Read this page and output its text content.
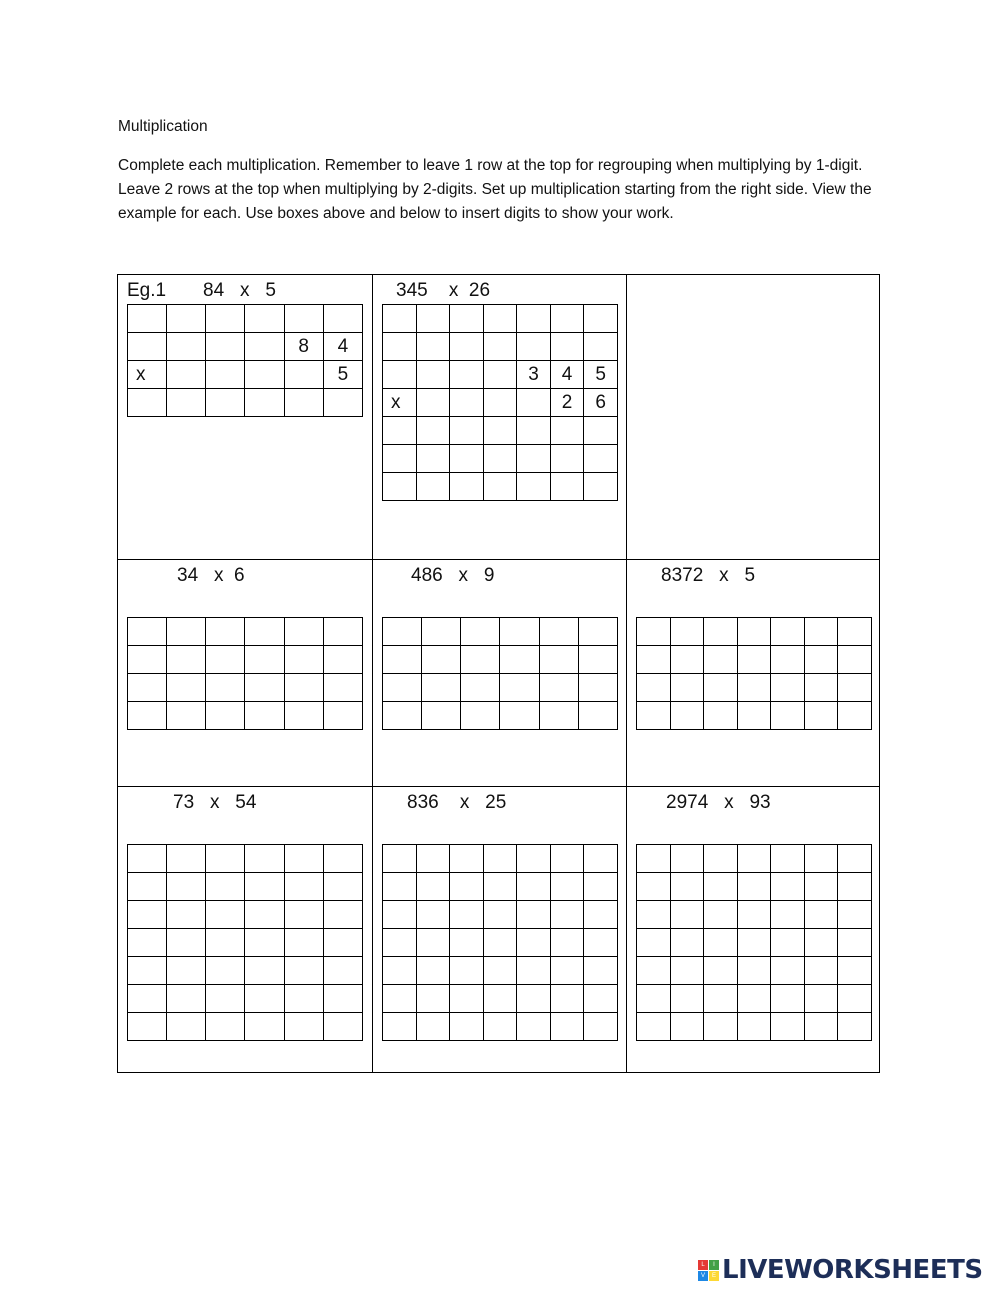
Multiplication
Complete each multiplication. Remember to leave 1 row at the top for regrouping when multiplying by 1-digit. Leave 2 rows at the top when multiplying by 2-digits. Set up multiplication starting from the right side. View the example for each. Use boxes above and below to insert digits to show your work.
Eg.1       84   x   5

				8	4
x					5

345    x  26

				3	4	5
x					2	6

34   x  6

						486   x   9

						8372   x   5

73   x   54

						836    x   25

							2974   x   93

L	I
V	E LIVEWORKSHEETS
